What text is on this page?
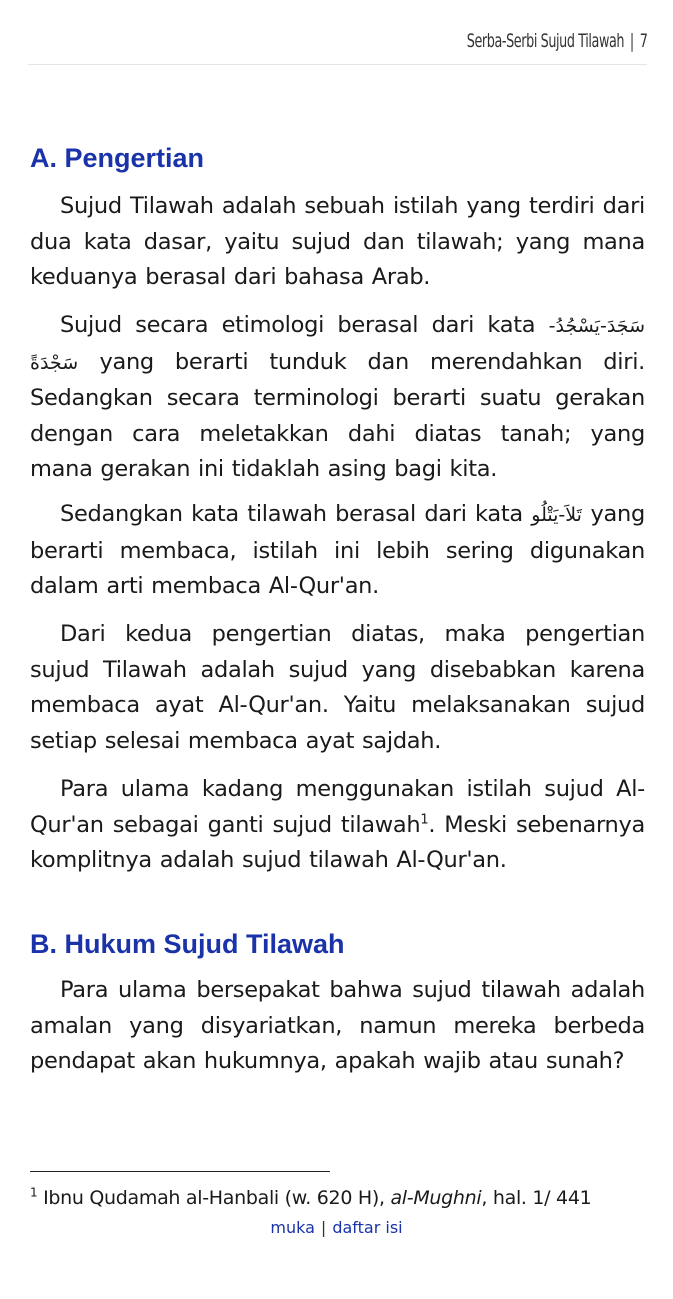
Serba-Serbi Sujud Tilawah | 7
A. Pengertian

Sujud Tilawah adalah sebuah istilah yang terdiri dari dua kata dasar, yaitu sujud dan tilawah; yang mana keduanya berasal dari bahasa Arab.

Sujud secara etimologi berasal dari kata سَجَدَ-يَسْجُدُ- سَجْدَةً yang berarti tunduk dan merendahkan diri. Sedangkan secara terminologi berarti suatu gerakan dengan cara meletakkan dahi diatas tanah; yang mana gerakan ini tidaklah asing bagi kita.

Sedangkan kata tilawah berasal dari kata تَلاَ-يَتْلُو yang berarti membaca, istilah ini lebih sering digunakan dalam arti membaca Al-Qur'an.

Dari kedua pengertian diatas, maka pengertian sujud Tilawah adalah sujud yang disebabkan karena membaca ayat Al-Qur'an. Yaitu melaksanakan sujud setiap selesai membaca ayat sajdah.

Para ulama kadang menggunakan istilah sujud Al-Qur'an sebagai ganti sujud tilawah$^1$. Meski sebenarnya komplitnya adalah sujud tilawah Al-Qur'an.

B. Hukum Sujud Tilawah

Para ulama bersepakat bahwa sujud tilawah adalah amalan yang disyariatkan, namun mereka berbeda pendapat akan hukumnya, apakah wajib atau sunah?

$^1$ Ibnu Qudamah al-Hanbali (w. 620 H), al-Mughni, hal. 1/ 441
muka | daftar isi
